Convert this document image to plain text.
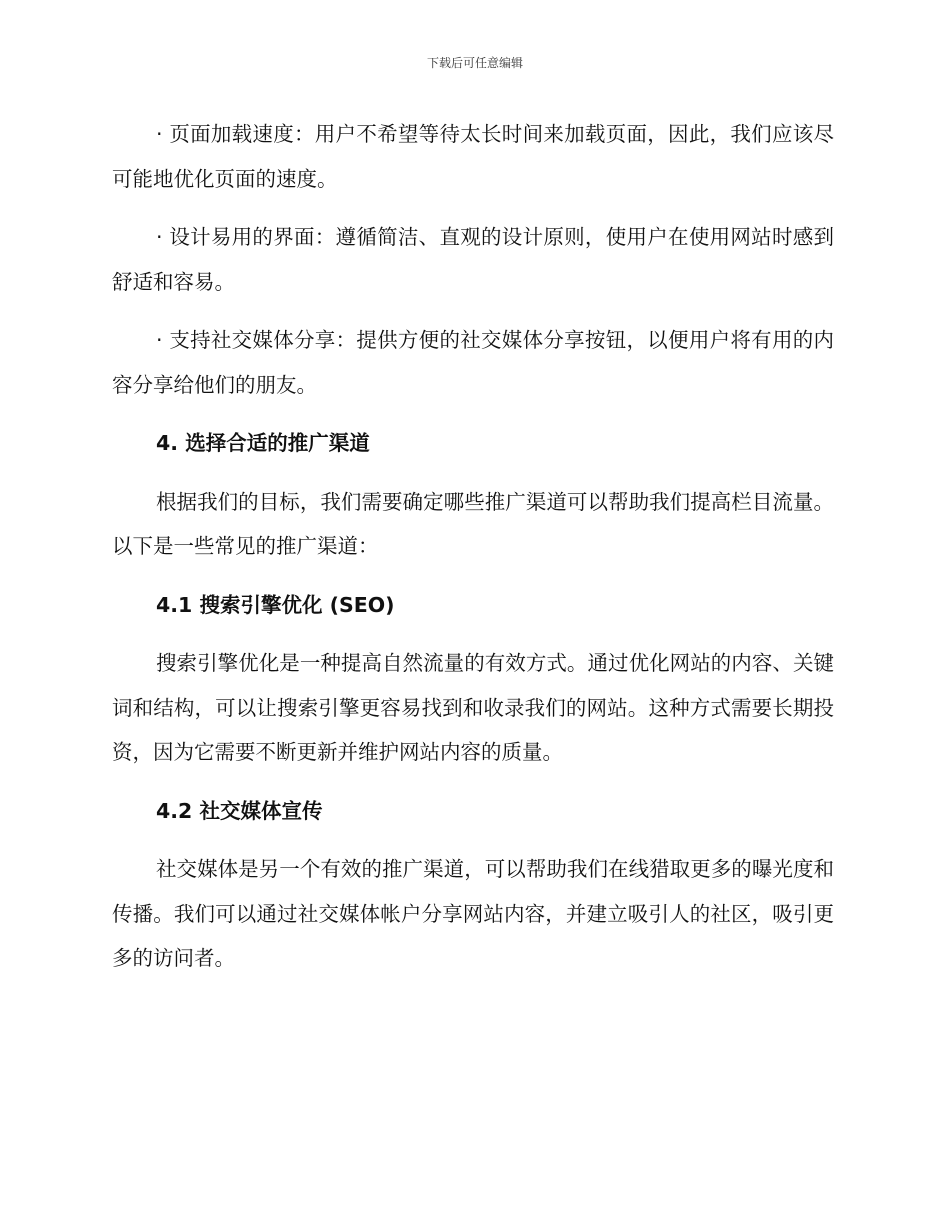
下载后可任意编辑

· 页面加载速度：用户不希望等待太长时间来加载页面，因此，我们应该尽可能地优化页面的速度。

· 设计易用的界面：遵循简洁、直观的设计原则，使用户在使用网站时感到舒适和容易。

· 支持社交媒体分享：提供方便的社交媒体分享按钮，以便用户将有用的内容分享给他们的朋友。

4. 选择合适的推广渠道

根据我们的目标，我们需要确定哪些推广渠道可以帮助我们提高栏目流量。以下是一些常见的推广渠道：

4.1 搜索引擎优化 (SEO)

搜索引擎优化是一种提高自然流量的有效方式。通过优化网站的内容、关键词和结构，可以让搜索引擎更容易找到和收录我们的网站。这种方式需要长期投资，因为它需要不断更新并维护网站内容的质量。

4.2 社交媒体宣传

社交媒体是另一个有效的推广渠道，可以帮助我们在线猎取更多的曝光度和传播。我们可以通过社交媒体帐户分享网站内容，并建立吸引人的社区，吸引更多的访问者。
